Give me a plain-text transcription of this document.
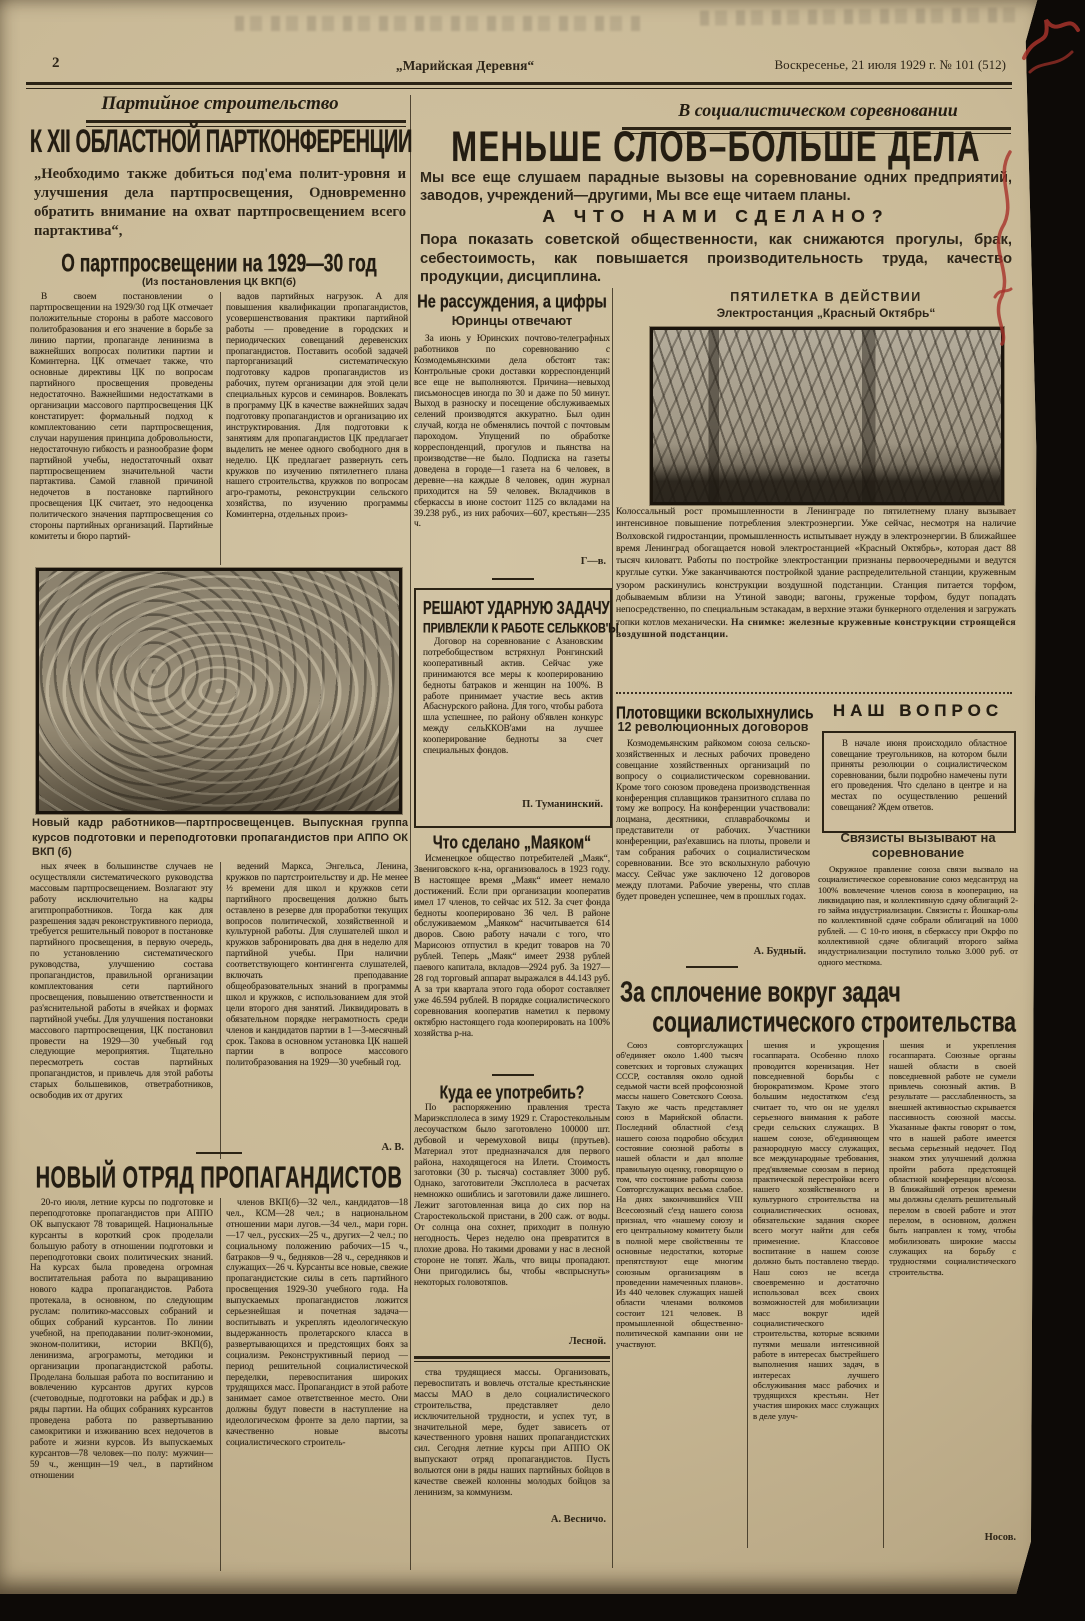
2	„Марийская Деревня“	Воскресенье, 21 июля 1929 г. № 101 (512)
Партийное строительство	В социалистическом соревновании
К XII ОБЛАСТНОЙ ПАРТКОНФЕРЕНЦИИ
„Необходимо также добиться под'ема полит-уровня и улучшения дела партпросвещения, Одновременно обратить внимание на охват партпросвещением всего партактива“,
О партпросвещении на 1929—30 год
(Из постановления ЦК ВКП(б)
В своем постановлении о партпросвещении на 1929/30 год ЦК отмечает положительные стороны в работе массового политобразования и его значение в борьбе за линию партии, пропаганде ленинизма в важнейших вопросах политики партии и Коминтерна. ЦК отмечает также, что основные директивы ЦК по вопросам партийного просвещения проведены недостаточно. Важнейшими недостатками в организации массового партпросвещения ЦК констатирует: формальный подход к комплектованию сети партпросвещения, случаи нарушения принципа добровольности, недостаточную гибкость и разнообразие форм партийной учебы, недостаточный охват партпросвещением значительной части партактива. Самой главной причиной недочетов в постановке партийного просвещения ЦК считает, это недооценка политического значения партпросвещения со стороны партийных организаций. Партийные комитеты и бюро партий-
вадов партийных нагрузок. А для повышения квалификации пропагандистов, усовершенствования практики партийной работы — проведение в городских и периодических совещаний деревенских пропагандистов. Поставить особой задачей парторганизаций систематическую подготовку кадров пропагандистов из рабочих, путем организации для этой цели специальных курсов и семинаров. Вовлекать в программу ЦК в качестве важнейших задач подготовку пропагандистов и организацию их инструктирования. Для подготовки к занятиям для пропагандистов ЦК предлагает выделить не менее одного свободного дня в неделю. ЦК предлагает развернуть сеть кружков по изучению пятилетнего плана нашего строительства, кружков по вопросам агро-грамоты, реконструкции сельского хозяйства, по изучению программы Коминтерна, отдельных произ-
Новый кадр работников—партпросвещенцев. Выпускная группа курсов подготовки и переподготовки пропагандистов при АППО ОК ВКП (б)
ных ячеек в большинстве случаев не осуществляли систематического руководства массовым партпросвещением. Возлагают эту работу исключительно на кадры агитпропработников. Тогда как для разрешения задач реконструктивного периода, требуется решительный поворот в постановке партийного просвещения, в первую очередь, по установлению систематического руководства, улучшению состава пропагандистов, правильной организации комплектования сети партийного просвещения, повышению ответственности и раз'яснительной работы в ячейках и формах партийной учебы. Для улучшения постановки массового партпросвещения, ЦК постановил провести на 1929—30 учебный год следующие мероприятия. Тщательно пересмотреть состав партийных пропагандистов, и привлечь для этой работы старых большевиков, ответработников, освободив их от других
ведений Маркса, Энгельса, Ленина, кружков по партстроительству и др. Не менее ½ времени для школ и кружков сети партийного просвещения должно быть оставлено в резерве для проработки текущих вопросов политической, хозяйственной и культурной работы. Для слушателей школ и кружков забронировать два дня в неделю для партийной учебы. При наличии соответствующего контингента слушателей, включать преподавание общеобразовательных знаний в программы школ и кружков, с использованием для этой цели второго дня занятий. Ликвидировать в обязательном порядке неграмотность среди членов и кандидатов партии в 1—3-месячный срок. Такова в основном установка ЦК нашей партии в вопросе массового политобразования на 1929—30 учебный год.
А. В.
НОВЫЙ ОТРЯД ПРОПАГАНДИСТОВ
20-го июля, летние курсы по подготовке и переподготовке пропагандистов при АППО ОК выпускают 78 товарищей. Национальные курсанты в короткий срок проделали большую работу в отношении подготовки и переподготовки своих политических знаний. На курсах была проведена огромная воспитательная работа по выращиванию нового кадра пропагандистов. Работа протекала, в основном, по следующим руслам: политико-массовых собраний и общих собраний курсантов. По линии учебной, на преподавании полит-экономии, эконом-политики, истории ВКП(б), ленинизма, агрограмоты, методики и организации пропагандистской работы. Проделана большая работа по воспитанию и вовлечению курсантов других курсов (счетоводные, подготовки на рабфак и др.) в ряды партии. На общих собраниях курсантов проведена работа по развертыванию самокритики и изживанию всех недочетов в работе и жизни курсов. Из выпускаемых курсантов—78 человек—по полу: мужчин—59 ч., женщин—19 чел., в партийном отношении
членов ВКП(б)—32 чел., кандидатов—18 чел., КСМ—28 чел.; в национальном отношении мари лугов.—34 чел., мари горн.—17 чел., русских—25 ч., других—2 чел.; по социальному положению рабочих—15 ч., батраков—9 ч., бедняков—28 ч., середняков и служащих—26 ч. Курсанты все новые, свежие пропагандистские силы в сеть партийного просвещения 1929-30 учебного года. На выпускаемых пропагандистов ложится серьезнейшая и почетная задача—воспитывать и укреплять идеологическую выдержанность пролетарского класса в развертывающихся и предстоящих боях за социализм. Реконструктивный период — период решительной социалистической переделки, перевоспитания широких трудящихся масс. Пропагандист в этой работе занимает самое ответственное место. Они должны будут повести в наступление на идеологическом фронте за дело партии, за качественно новые высоты социалистического строитель-
Не рассуждения, а цифры
Юринцы отвечают
За июнь у Юринских почтово-телеграфных работников по соревнованию с Козмодемьянскими дела обстоят так: Контрольные сроки доставки корреспонденций все еще не выполняются. Причина—невыход письмоносцев иногда по 30 и даже по 50 минут. Выход в разноску и посещение обслуживаемых селений производятся аккуратно. Был один случай, когда не обменялись почтой с почтовым пароходом. Упущений по обработке корреспонденций, прогулов и пьянства на производстве—не было. Подписка на газеты доведена в городе—1 газета на 6 человек, в деревне—на каждые 8 человек, один журнал приходится на 59 человек. Вкладчиков в сберкассы в июне состоит 1125 со вкладами на 39.238 руб., из них рабочих—607, крестьян—235 ч.
Г—в.
РЕШАЮТ УДАРНУЮ ЗАДАЧУ
ПРИВЛЕКЛИ К РАБОТЕ СЕЛЬККОВ'Ы
Договор на соревнование с Азановским потребобществом встряхнул Ронгинский кооперативный актив. Сейчас уже принимаются все меры к кооперированию бедноты батраков и женщин на 100%. В работе принимает участие весь актив Абаснурского района. Для того, чтобы работа шла успешнее, по району об'явлен конкурс между сельККОВ'ами на лучшее кооперирование бедноты за счет специальных фондов.
П. Туманинский.
Что сделано „Маяком“
Исменецкое общество потребителей „Маяк“, Звениговского к-на, организовалось в 1923 году. В настоящее время „Маяк“ имеет немало достижений. Если при организации кооператив имел 17 членов, то сейчас их 512. За счет фонда бедноты кооперировано 36 чел. В районе обслуживаемом „Маяком“ насчитывается 614 дворов. Свою работу начали с того, что Марисоюз отпустил в кредит товаров на 70 рублей. Теперь „Маяк“ имеет 2938 рублей паевого капитала, вкладов—2924 руб. За 1927—28 год торговый аппарат выражался в 44.143 руб. А за три квартала этого года оборот составляет уже 46.594 рублей. В порядке социалистического соревнования кооператив наметил к первому октябрю настоящего года кооперировать на 100% хозяйства р-на.
Куда ее употребить?
По распоряжению правления треста Мариэксплолеса в зиму 1929 г. Старостекольным лесоучастком было заготовлено 100000 шт. дубовой и черемуховой вицы (прутьев). Материал этот предназначался для первого района, находящегося на Илети. Стоимость заготовки (30 р. тысяча) составляет 3000 руб. Однако, заготовители Эксплолеса в расчетах немножко ошиблись и заготовили даже лишнего. Лежит заготовленная вица до сих пор на Старостекольской пристани, в 200 саж. от воды. От солнца она сохнет, приходит в полную негодность. Через неделю она превратится в плохие дрова. Но такими дровами у нас в лесной стороне не топят. Жаль, что вицы пропадают. Они пригодились бы, чтобы «вспрыснуть» некоторых головотяпов.
Лесной.
ства трудящиеся массы. Организовать, перевоспитать и вовлечь отсталые крестьянские массы МАО в дело социалистического строительства, представляет дело исключительной трудности, и успех тут, в значительной мере, будет зависеть от качественного уровня наших пропагандистских сил. Сегодня летние курсы при АППО ОК выпускают отряд пропагандистов. Пусть вольются они в ряды наших партийных бойцов в качестве свежей колонны молодых бойцов за ленинизм, за коммунизм.
А. Весничо.
МЕНЬШЕ СЛОВ–БОЛЬШЕ ДЕЛА
Мы все еще слушаем парадные вызовы на соревнование одних предприятий, заводов, учреждений—другими, Мы все еще читаем планы.
А ЧТО НАМИ СДЕЛАНО?
Пора показать советской общественности, как снижаются прогулы, брак, себестоимость, как повышается производительность труда, качество продукции, дисциплина.
ПЯТИЛЕТКА В ДЕЙСТВИИ
Электростанция „Красный Октябрь“
Колоссальный рост промышленности в Ленинграде по пятилетнему плану вызывает интенсивное повышение потребления электроэнергии. Уже сейчас, несмотря на наличие Волховской гидростанции, промышленность испытывает нужду в электроэнергии. В ближайшее время Ленинград обогащается новой электростанцией «Красный Октябрь», которая даст 88 тысяч киловатт. Работы по постройке электростанции признаны первоочередными и ведутся круглые сутки. Уже заканчиваются постройкой здание распределительной станции, кружевным узором раскинулись конструкции воздушной подстанции. Станция питается торфом, добываемым вблизи на Утиной заводи; вагоны, груженые торфом, будут попадать непосредственно, по специальным эстакадам, в верхние этажи бункерного отделения и загружать топки котлов механически. На снимке: железные кружевные конструкции строящейся воздушной подстанции.
Плотовщики всколыхнулись
12 революционных договоров
Козмодемьянским райкомом союза сельско-хозяйственных и лесных рабочих проведено совещание хозяйственных организаций по вопросу о социалистическом соревновании. Кроме того союзом проведена производственная конференция сплавщиков транзитного сплава по тому же вопросу. На конференции участвовали: лоцмана, десятники, сплаврабочкомы и представители от рабочих. Участники конференции, раз'ехавшись на плоты, провели и там собрания рабочих о социалистическом соревновании. Все это всколыхнуло рабочую массу. Сейчас уже заключено 12 договоров между плотами. Рабочие уверены, что сплав будет проведен успешнее, чем в прошлых годах.
А. Будный.
НАШ ВОПРОС
В начале июня происходило областное совещание треугольников, на котором были приняты резолюции о социалистическом соревновании, были подробно намечены пути его проведения. Что сделано в центре и на местах по осуществлению решений совещания? Ждем ответов.
Связисты вызывают на соревнование
Окружное правление союза связи вызвало на социалистическое соревнование союз медсантруд на 100% вовлечение членов союза в кооперацию, на ликвидацию пая, и коллективную сдачу облигаций 2-го займа индустриализации. Связисты г. Йошкар-олы по коллективной сдаче собрали облигаций на 1000 рублей. — С 10-го июня, в сберкассу при Окрфо по коллективной сдаче облигаций второго займа индустриализации поступило только 3.000 руб. от одного месткома.
За сплочение вокруг задач
социалистического строительства
Союз совторгслужащих об'единяет около 1.400 тысяч советских и торговых служащих СССР, составляя около одной седьмой части всей профсоюзной массы нашего Советского Союза. Такую же часть представляет союз в Марийской области. Последний областной с'езд нашего союза подробно обсудил состояние союзной работы в нашей области и дал вполне правильную оценку, говорящую о том, что состояние работы союза Совторгслужащих весьма слабое. На днях закончившийся VIII Всесоюзный с'езд нашего союза признал, что «нашему союзу и его центральному комитету были в полной мере свойственны те основные недостатки, которые препятствуют еще многим союзным организациям в проведении намеченных планов». Из 440 человек служащих нашей области членами волкомов состоит 121 человек. В промышленной общественно-политической кампании они не участвуют.
шения и укрощения госаппарата. Особенно плохо проводится коренизация. Нет повседневной борьбы с бюрократизмом. Кроме этого большим недостатком с'езд считает то, что он не уделял серьезного внимания к работе среди сельских служащих. В нашем союзе, об'единяющем разнородную массу служащих, все международные требования, пред'являемые союзам в период практической перестройки всего нашего хозяйственного и культурного строительства на социалистических основах, обязательские задания скорее всего могут найти для себя применение. Классовое воспитание в нашем союзе должно быть поставлено твердо. Наш союз не всегда своевременно и достаточно использовал всех своих возможностей для мобилизации масс вокруг идей социалистического строительства, которые всякими путями мешали интенсивной работе в интересах быстрейшего выполнения наших задач, в интересах лучшего обслуживания масс рабочих и трудящихся крестьян. Нет участия широких масс служащих в деле улуч-
шения и укрепления госаппарата. Союзные органы нашей области в своей повседневной работе не сумели привлечь союзный актив. В результате — расслабленность, за внешней активностью скрывается пассивность союзной массы. Указанные факты говорят о том, что в нашей работе имеется весьма серьезный недочет. Под знаком этих улучшений должна пройти работа предстоящей областной конференции в/союза. В ближайший отрезок времени мы должны сделать решительный перелом в своей работе и этот перелом, в основном, должен быть направлен к тому, чтобы мобилизовать широкие массы служащих на борьбу с трудностями социалистического строительства.
Носов.
